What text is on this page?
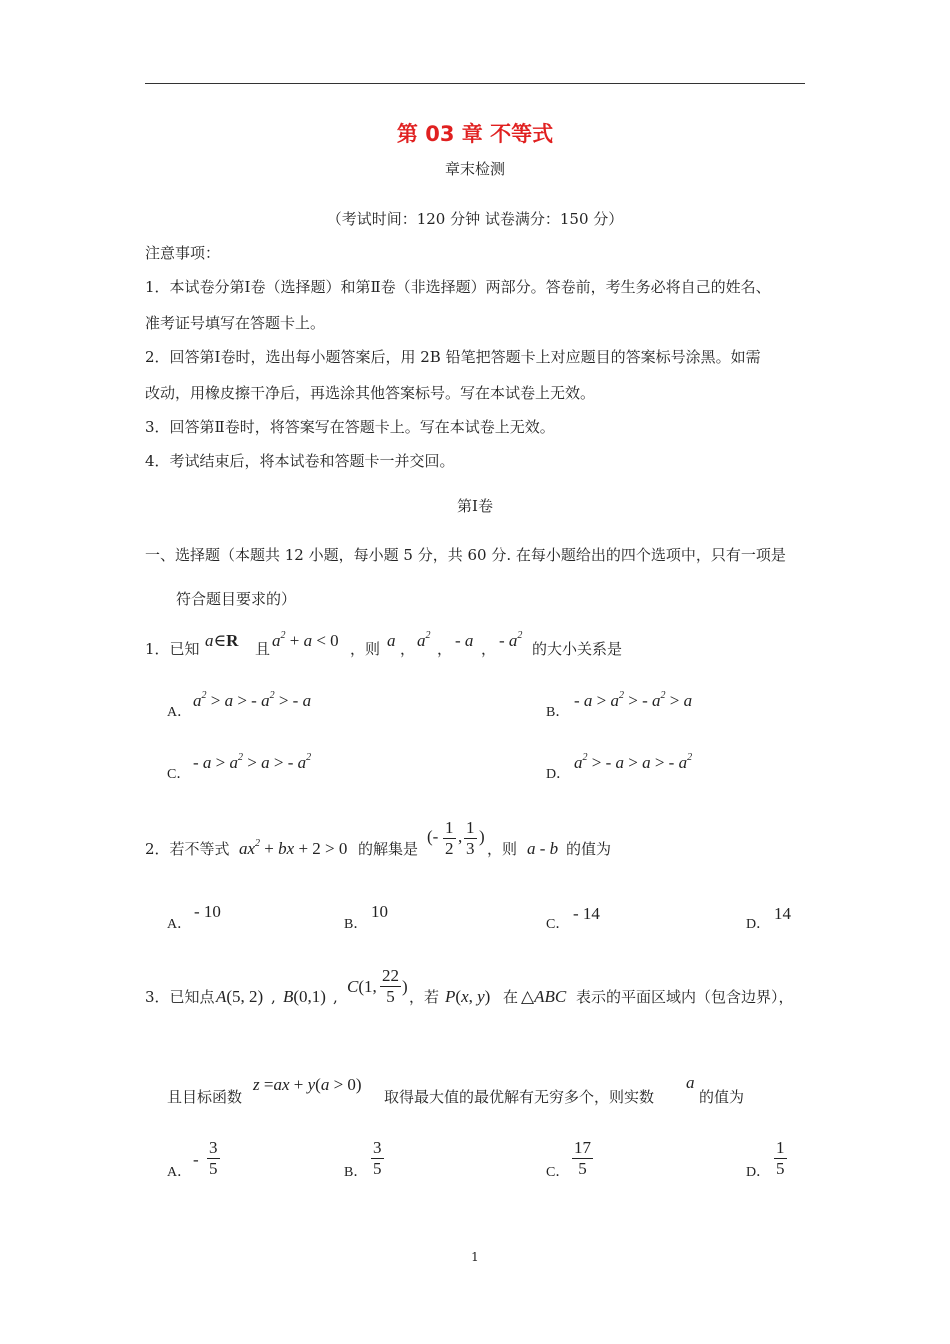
第 03 章 不等式
章末检测
（考试时间：120 分钟 试卷满分：150 分）
注意事项：
1．本试卷分第Ⅰ卷（选择题）和第Ⅱ卷（非选择题）两部分。答卷前，考生务必将自己的姓名、
准考证号填写在答题卡上。
2．回答第Ⅰ卷时，选出每小题答案后，用 2B 铅笔把答题卡上对应题目的答案标号涂黑。如需
改动，用橡皮擦干净后，再选涂其他答案标号。写在本试卷上无效。
3．回答第Ⅱ卷时，将答案写在答题卡上。写在本试卷上无效。
4．考试结束后，将本试卷和答题卡一并交回。
第Ⅰ卷
一、选择题（本题共 12 小题，每小题 5 分，共 60 分. 在每小题给出的四个选项中，只有一项是
符合题目要求的）
1．已知 a∈R 且 $a^2 + a < 0$ ，则 a ， $a^2$
， - a ， - $a^2$
的大小关系是
A．
$a^2 > a$ > - $a^2$ > - a
B．
- $a > a^2$ > - $a^2 > a$
C．
- $a > a^2 > a$ > - $a^2$
D．
$a^2$ > - a > a > - $a^2$
2．若不等式 $ax^2$ + bx + 2 > 0 的解集是
(- $\frac{1}{2}$ , $\frac{1}{3}$ )
，则 a - b 的值为
A．
- 10
B．
10
C．
- 14
D．
14
3．已知点 A(5, 2) , B(0,1) ,
C(1, $\frac{22}{5}$ )
，若 P(x, y) 在 △ABC 表示的平面区域内（包含边界），
且目标函数
z =ax + y(a > 0)
取得最大值的最优解有无穷多个，则实数
a
的值为
A．
- $\frac{3}{5}$	B． $\frac{3}{5}$	C． $\frac{17}{5}$	D． $\frac{1}{5}$
1
